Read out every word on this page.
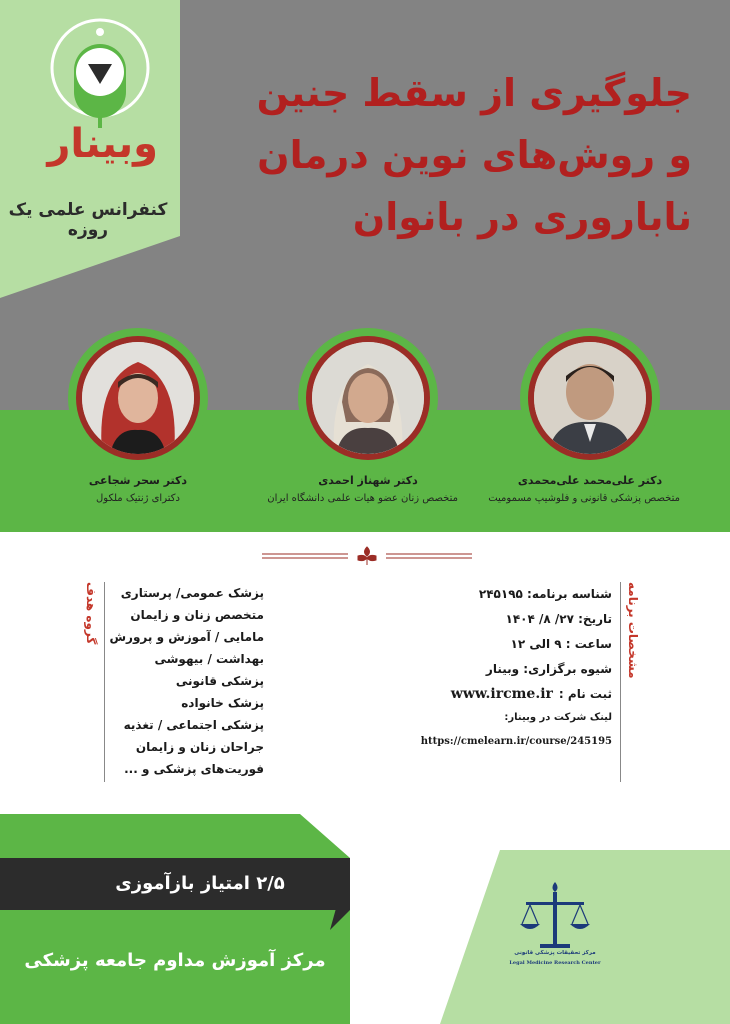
وبینار
کنفرانس علمی یک روزه
جلوگیری از سقط جنین
و روش‌های نوین درمان
ناباروری در بانوان
دکتر علی‌محمد علی‌محمدی
متخصص پزشکی قانونی و فلوشیپ مسمومیت
دکتر شهناز احمدی
متخصص زنان عضو هیات علمی دانشگاه ایران
دکتر سحر شجاعی
دکترای ژنتیک ملکول
مشخصات برنامه
شناسه برنامه: ۲۴۵۱۹۵
تاریخ: ۲۷/ ۸/ ۱۴۰۴
ساعت : ۹ الی ۱۲
شیوه برگزاری: وبینار
ثبت نام :
www.ircme.ir
لینک شرکت در وبینار:
https://cmelearn.ir/course/245195
گروه هدف	پزشک عمومی/ پرستاری
متخصص زنان و زایمان
مامایی / آموزش و پرورش
بهداشت / بیهوشی
پزشکی قانونی
پزشک خانواده
پزشکی اجتماعی / تغذیه
جراحان زنان و زایمان
فوریت‌های پزشکی و ...
۲/۵ امتیاز بازآموزی
مرکز آموزش مداوم جامعه پزشکی	مرکز تحقیقات پزشکی قانونی
Legal Medicine Research Center
